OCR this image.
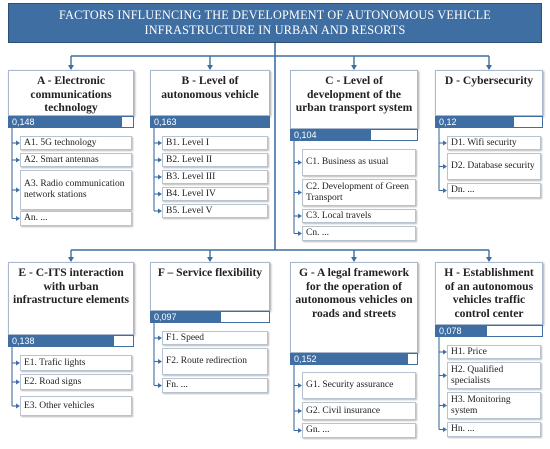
FACTORS INFLUENCING THE DEVELOPMENT OF AUTONOMOUS VEHICLE INFRASTRUCTURE IN URBAN AND RESORTS
A - Electronic communications technology
0,148
A1. 5G technology
A2. Smart antennas
A3. Radio communication network stations
An. ...
B - Level of autonomous vehicle
0,163
B1. Level I
B2. Level II
B3. Level III
B4. Level IV
B5. Level V
C - Level of development of the urban transport system
0,104
C1. Business as usual
C2. Development of Green Transport
C3. Local travels
Cn. ...
D - Cybersecurity
0,12
D1. Wifi security
D2. Database security
Dn. ...
E - C-ITS interaction with urban infrastructure elements
0,138
E1. Trafic lights
E2. Road signs
E3. Other vehicles
F – Service flexibility
0,097
F1. Speed
F2. Route redirection
Fn. ...
G - A legal framework for the operation of autonomous vehicles on roads and streets
0,152
G1. Security assurance
G2. Civil insurance
Gn. ...
H - Establishment of an autonomous vehicles traffic control center
0,078
H1. Price
H2. Qualified specialists
H3. Monitoring system
Hn. ...
